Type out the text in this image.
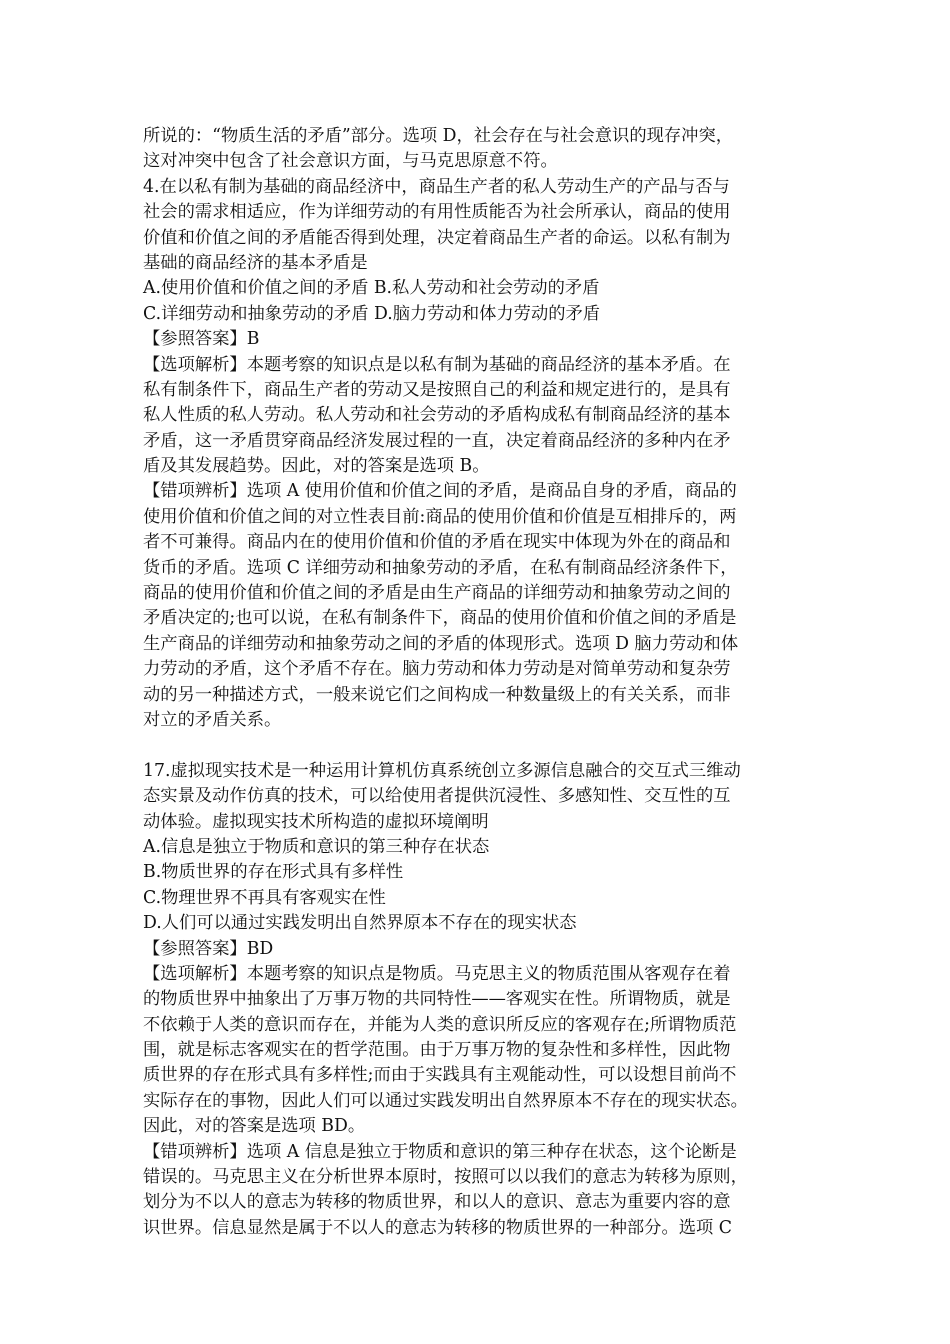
所说的：“物质生活的矛盾”部分。选项 D，社会存在与社会意识的现存冲突，
这对冲突中包含了社会意识方面，与马克思原意不符。
4.在以私有制为基础的商品经济中，商品生产者的私人劳动生产的产品与否与
社会的需求相适应，作为详细劳动的有用性质能否为社会所承认，商品的使用
价值和价值之间的矛盾能否得到处理，决定着商品生产者的命运。以私有制为
基础的商品经济的基本矛盾是
A.使用价值和价值之间的矛盾 B.私人劳动和社会劳动的矛盾
C.详细劳动和抽象劳动的矛盾 D.脑力劳动和体力劳动的矛盾
【参照答案】B
【选项解析】本题考察的知识点是以私有制为基础的商品经济的基本矛盾。在
私有制条件下，商品生产者的劳动又是按照自己的利益和规定进行的，是具有
私人性质的私人劳动。私人劳动和社会劳动的矛盾构成私有制商品经济的基本
矛盾，这一矛盾贯穿商品经济发展过程的一直，决定着商品经济的多种内在矛
盾及其发展趋势。因此，对的答案是选项 B。
【错项辨析】选项 A 使用价值和价值之间的矛盾，是商品自身的矛盾，商品的
使用价值和价值之间的对立性表目前:商品的使用价值和价值是互相排斥的，两
者不可兼得。商品内在的使用价值和价值的矛盾在现实中体现为外在的商品和
货币的矛盾。选项 C 详细劳动和抽象劳动的矛盾，在私有制商品经济条件下，
商品的使用价值和价值之间的矛盾是由生产商品的详细劳动和抽象劳动之间的
矛盾决定的;也可以说，在私有制条件下，商品的使用价值和价值之间的矛盾是
生产商品的详细劳动和抽象劳动之间的矛盾的体现形式。选项 D 脑力劳动和体
力劳动的矛盾，这个矛盾不存在。脑力劳动和体力劳动是对简单劳动和复杂劳
动的另一种描述方式，一般来说它们之间构成一种数量级上的有关关系，而非
对立的矛盾关系。
17.虚拟现实技术是一种运用计算机仿真系统创立多源信息融合的交互式三维动
态实景及动作仿真的技术，可以给使用者提供沉浸性、多感知性、交互性的互
动体验。虚拟现实技术所构造的虚拟环境阐明
A.信息是独立于物质和意识的第三种存在状态
B.物质世界的存在形式具有多样性
C.物理世界不再具有客观实在性
D.人们可以通过实践发明出自然界原本不存在的现实状态
【参照答案】BD
【选项解析】本题考察的知识点是物质。马克思主义的物质范围从客观存在着
的物质世界中抽象出了万事万物的共同特性——客观实在性。所谓物质，就是
不依赖于人类的意识而存在，并能为人类的意识所反应的客观存在;所谓物质范
围，就是标志客观实在的哲学范围。由于万事万物的复杂性和多样性，因此物
质世界的存在形式具有多样性;而由于实践具有主观能动性，可以设想目前尚不
实际存在的事物，因此人们可以通过实践发明出自然界原本不存在的现实状态。
因此，对的答案是选项 BD。
【错项辨析】选项 A 信息是独立于物质和意识的第三种存在状态，这个论断是
错误的。马克思主义在分析世界本原时，按照可以以我们的意志为转移为原则，
划分为不以人的意志为转移的物质世界，和以人的意识、意志为重要内容的意
识世界。信息显然是属于不以人的意志为转移的物质世界的一种部分。选项 C
